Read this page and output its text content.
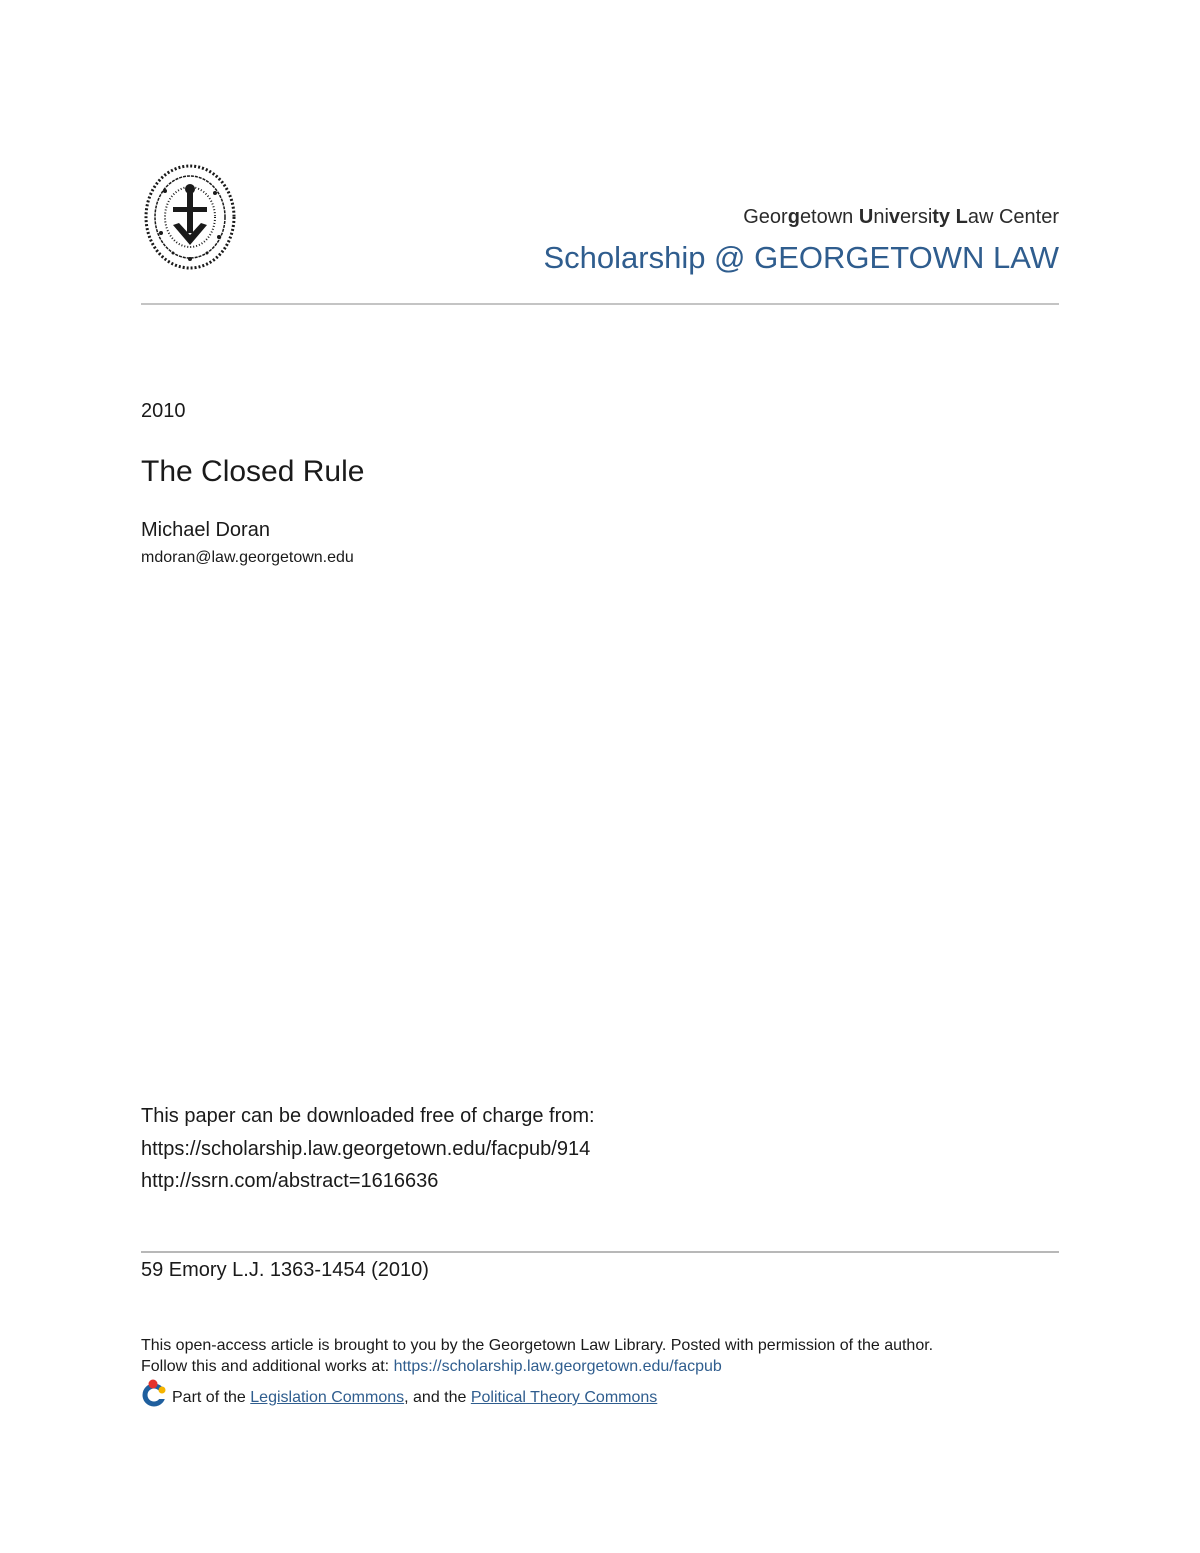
Georgetown University Law Center
Scholarship @ GEORGETOWN LAW
2010
The Closed Rule
Michael Doran
mdoran@law.georgetown.edu
This paper can be downloaded free of charge from:
https://scholarship.law.georgetown.edu/facpub/914
http://ssrn.com/abstract=1616636
59 Emory L.J. 1363-1454 (2010)
This open-access article is brought to you by the Georgetown Law Library. Posted with permission of the author.
Follow this and additional works at: https://scholarship.law.georgetown.edu/facpub
Part of the Legislation Commons, and the Political Theory Commons
